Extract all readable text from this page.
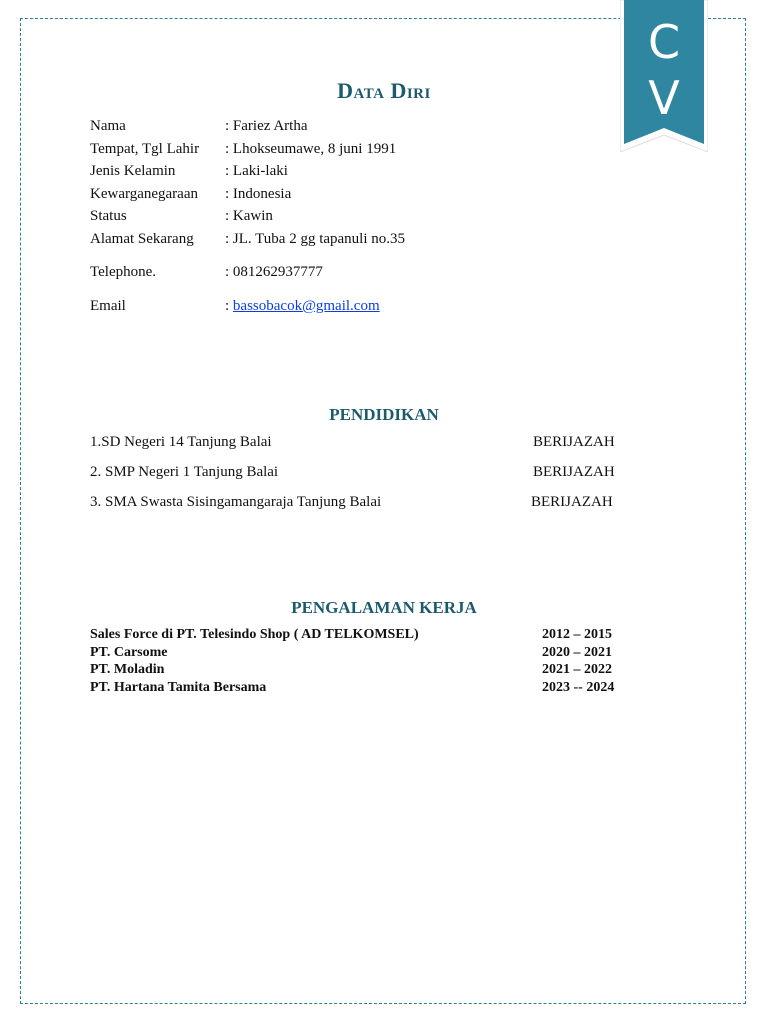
C
V
Data Diri
Nama	: Fariez Artha
Tempat, Tgl Lahir : Lhokseumawe, 8 juni 1991
Jenis Kelamin	: Laki-laki
Kewarganegaraan : Indonesia
Status	: Kawin
Alamat Sekarang : JL. Tuba 2 gg tapanuli no.35
Telephone.	: 081262937777
Email	: bassobacok@gmail.com
PENDIDIKAN
1.SD Negeri 14 Tanjung Balai	BERIJAZAH
2. SMP Negeri 1 Tanjung Balai	BERIJAZAH
3. SMA Swasta Sisingamangaraja Tanjung Balai	BERIJAZAH
PENGALAMAN KERJA
Sales Force di PT. Telesindo Shop ( AD TELKOMSEL)	2012 – 2015
PT. Carsome	2020 – 2021
PT. Moladin	2021 – 2022
PT. Hartana Tamita Bersama	2023 -- 2024
